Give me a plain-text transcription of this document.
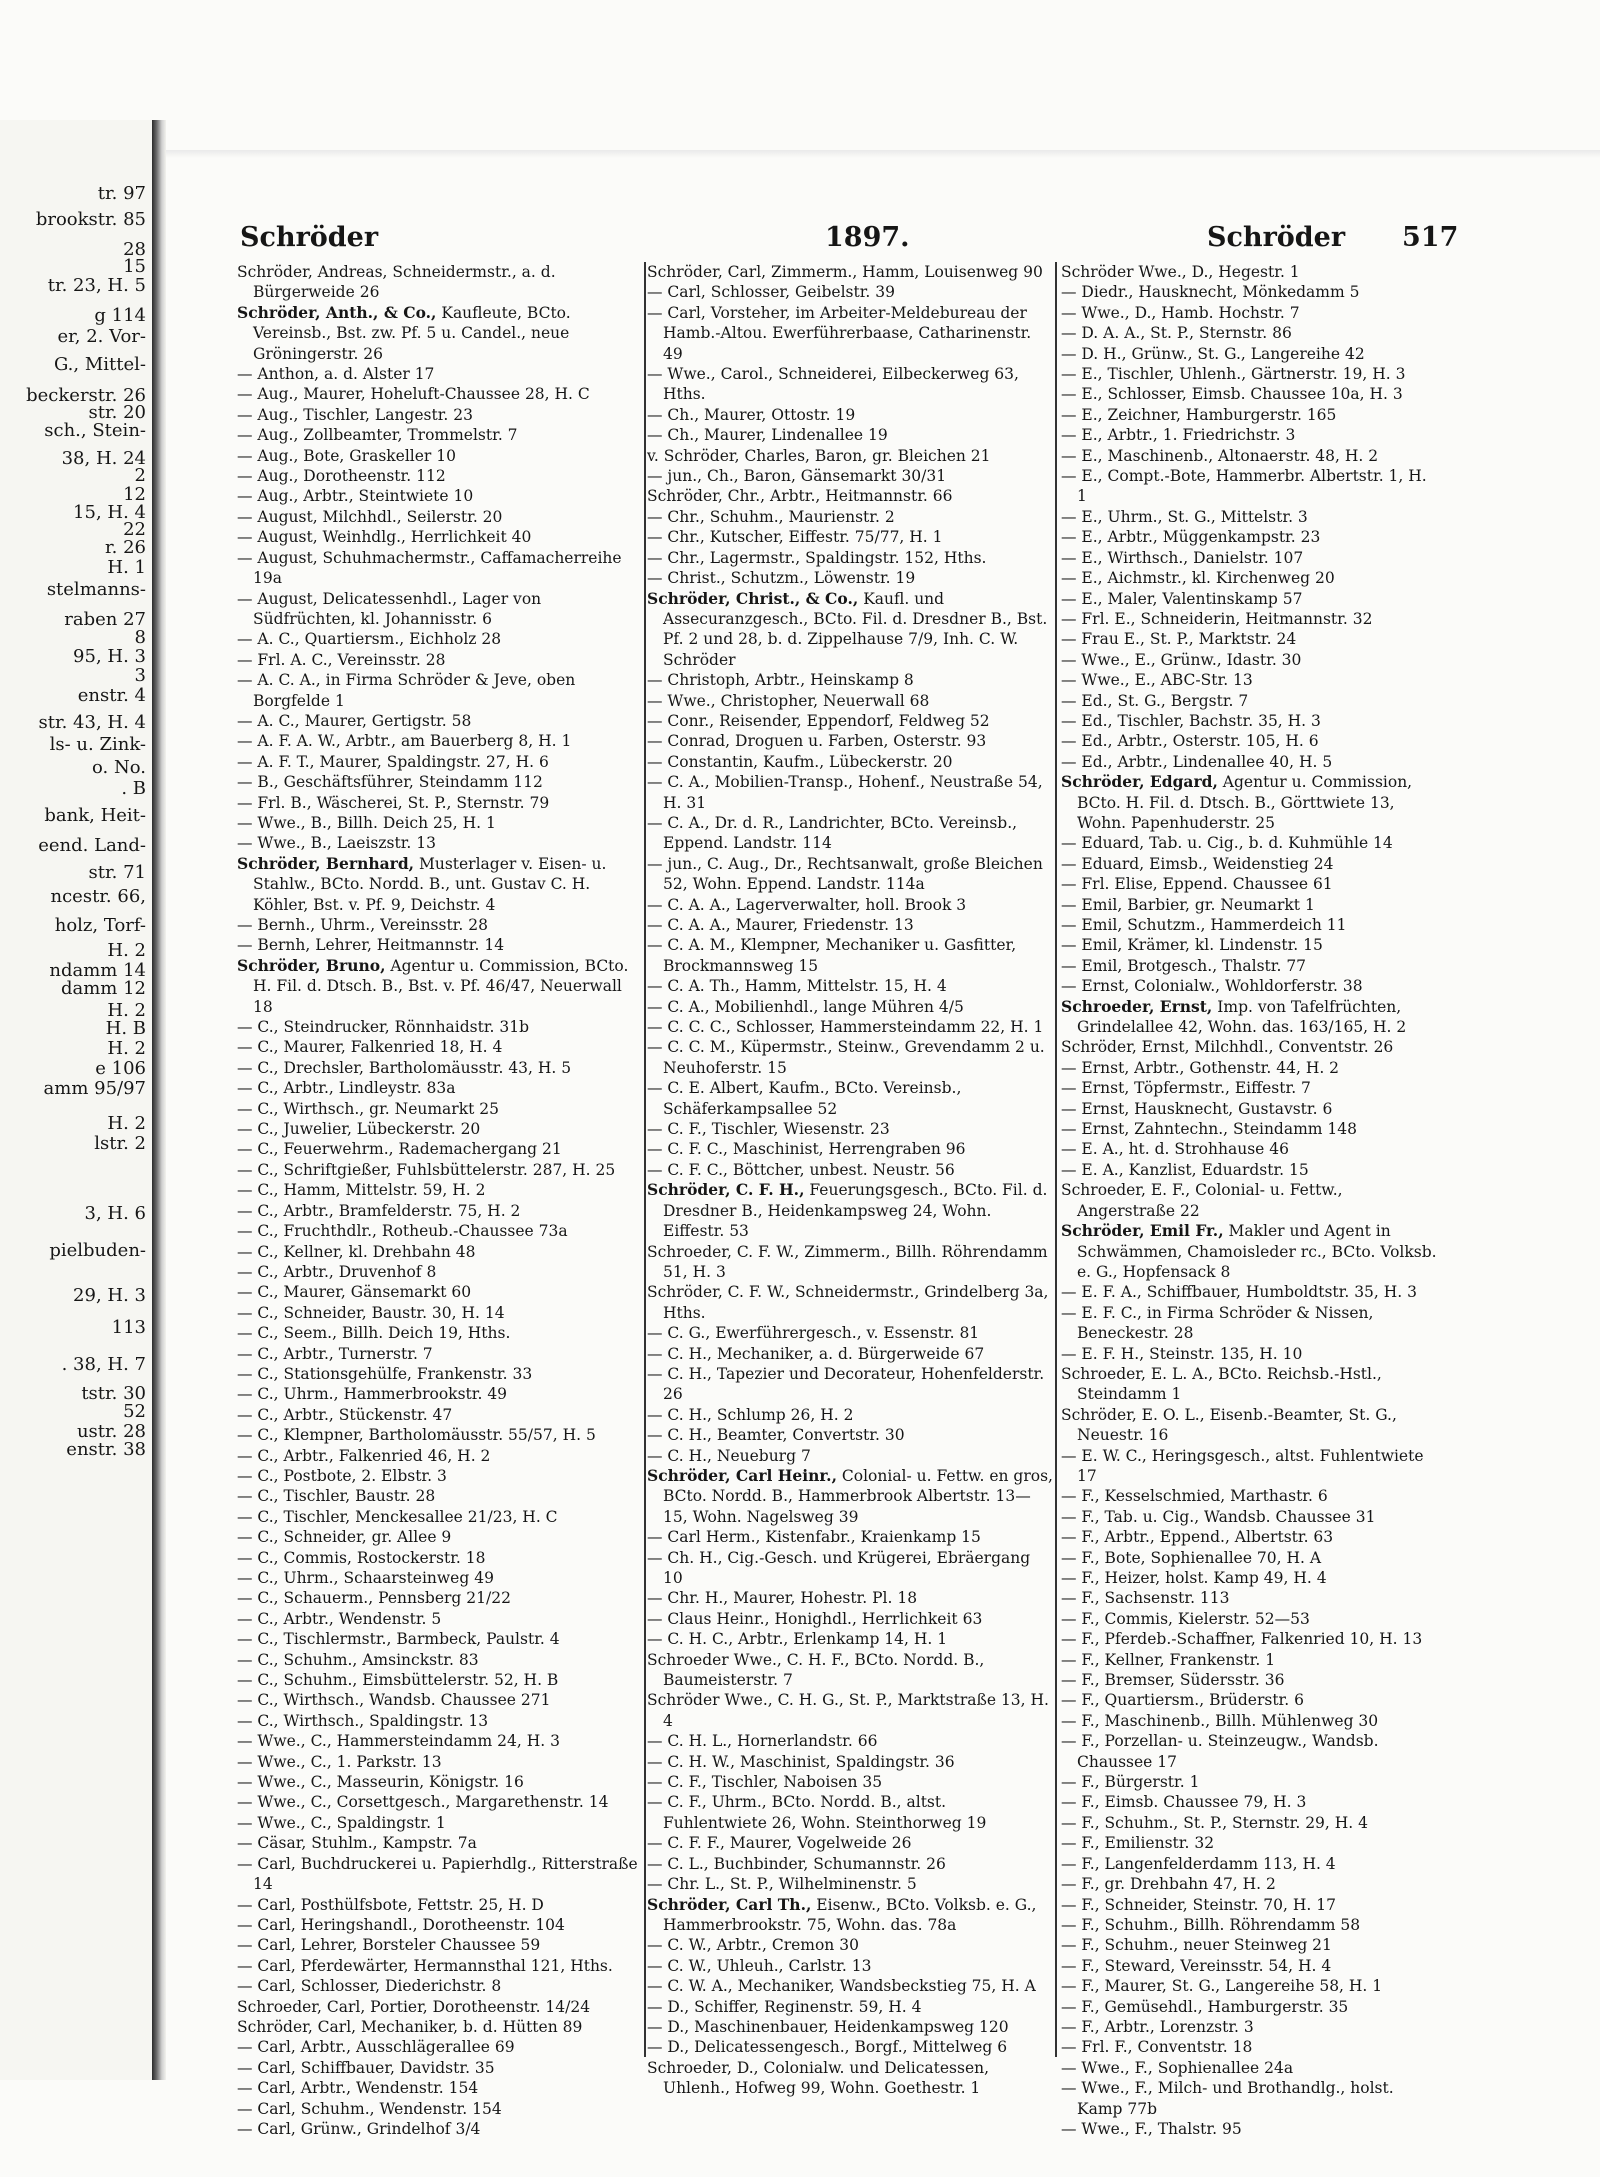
tr. 97
brookstr. 85
28
15
tr. 23, H. 5
g 114
er, 2. Vor-
G., Mittel-
beckerstr. 26
str. 20
sch., Stein-
38, H. 24
2
12
15, H. 4
22
r. 26
H. 1
stelmanns-
raben 27
8
95, H. 3
3
enstr. 4
str. 43, H. 4
ls- u. Zink-
o. No.
. B
bank, Heit-
eend. Land-
str. 71
ncestr. 66,
holz, Torf-
H. 2
ndamm 14
damm 12
H. 2
H. B
H. 2
e 106
amm 95/97
H. 2
lstr. 2
3, H. 6
pielbuden-
29, H. 3
113
. 38, H. 7
tstr. 30
52
ustr. 28
enstr. 38
Schröder	1897.	Schröder 517

Schröder, Andreas, Schneidermstr., a. d. Bürgerweide 26

Schröder, Anth., & Co., Kaufleute, BCto. Vereinsb., Bst. zw. Pf. 5 u. Candel., neue Gröningerstr. 26

— Anthon, a. d. Alster 17

— Aug., Maurer, Hoheluft-Chaussee 28, H. C

— Aug., Tischler, Langestr. 23

— Aug., Zollbeamter, Trommelstr. 7

— Aug., Bote, Graskeller 10

— Aug., Dorotheenstr. 112

— Aug., Arbtr., Steintwiete 10

— August, Milchhdl., Seilerstr. 20

— August, Weinhdlg., Herrlichkeit 40

— August, Schuhmachermstr., Caffamacherreihe 19a

— August, Delicatessenhdl., Lager von Südfrüchten, kl. Johannisstr. 6

— A. C., Quartiersm., Eichholz 28

— Frl. A. C., Vereinsstr. 28

— A. C. A., in Firma Schröder & Jeve, oben Borgfelde 1

— A. C., Maurer, Gertigstr. 58

— A. F. A. W., Arbtr., am Bauerberg 8, H. 1

— A. F. T., Maurer, Spaldingstr. 27, H. 6

— B., Geschäftsführer, Steindamm 112

— Frl. B., Wäscherei, St. P., Sternstr. 79

— Wwe., B., Billh. Deich 25, H. 1

— Wwe., B., Laeiszstr. 13

Schröder, Bernhard, Musterlager v. Eisen- u. Stahlw., BCto. Nordd. B., unt. Gustav C. H. Köhler, Bst. v. Pf. 9, Deichstr. 4

— Bernh., Uhrm., Vereinsstr. 28

— Bernh, Lehrer, Heitmannstr. 14

Schröder, Bruno, Agentur u. Commission, BCto. H. Fil. d. Dtsch. B., Bst. v. Pf. 46/47, Neuerwall 18

— C., Steindrucker, Rönnhaidstr. 31b

— C., Maurer, Falkenried 18, H. 4

— C., Drechsler, Bartholomäusstr. 43, H. 5

— C., Arbtr., Lindleystr. 83a

— C., Wirthsch., gr. Neumarkt 25

— C., Juwelier, Lübeckerstr. 20

— C., Feuerwehrm., Rademachergang 21

— C., Schriftgießer, Fuhlsbüttelerstr. 287, H. 25

— C., Hamm, Mittelstr. 59, H. 2

— C., Arbtr., Bramfelderstr. 75, H. 2

— C., Fruchthdlr., Rotheub.-Chaussee 73a

— C., Kellner, kl. Drehbahn 48

— C., Arbtr., Druvenhof 8

— C., Maurer, Gänsemarkt 60

— C., Schneider, Baustr. 30, H. 14

— C., Seem., Billh. Deich 19, Hths.

— C., Arbtr., Turnerstr. 7

— C., Stationsgehülfe, Frankenstr. 33

— C., Uhrm., Hammerbrookstr. 49

— C., Arbtr., Stückenstr. 47

— C., Klempner, Bartholomäusstr. 55/57, H. 5

— C., Arbtr., Falkenried 46, H. 2

— C., Postbote, 2. Elbstr. 3

— C., Tischler, Baustr. 28

— C., Tischler, Menckesallee 21/23, H. C

— C., Schneider, gr. Allee 9

— C., Commis, Rostockerstr. 18

— C., Uhrm., Schaarsteinweg 49

— C., Schauerm., Pennsberg 21/22

— C., Arbtr., Wendenstr. 5

— C., Tischlermstr., Barmbeck, Paulstr. 4

— C., Schuhm., Amsinckstr. 83

— C., Schuhm., Eimsbüttelerstr. 52, H. B

— C., Wirthsch., Wandsb. Chaussee 271

— C., Wirthsch., Spaldingstr. 13

— Wwe., C., Hammersteindamm 24, H. 3

— Wwe., C., 1. Parkstr. 13

— Wwe., C., Masseurin, Königstr. 16

— Wwe., C., Corsettgesch., Margarethenstr. 14

— Wwe., C., Spaldingstr. 1

— Cäsar, Stuhlm., Kampstr. 7a

— Carl, Buchdruckerei u. Papierhdlg., Ritterstraße 14

— Carl, Posthülfsbote, Fettstr. 25, H. D

— Carl, Heringshandl., Dorotheenstr. 104

— Carl, Lehrer, Borsteler Chaussee 59

— Carl, Pferdewärter, Hermannsthal 121, Hths.

— Carl, Schlosser, Diederichstr. 8

Schroeder, Carl, Portier, Dorotheenstr. 14/24

Schröder, Carl, Mechaniker, b. d. Hütten 89

— Carl, Arbtr., Ausschlägerallee 69

— Carl, Schiffbauer, Davidstr. 35

— Carl, Arbtr., Wendenstr. 154

— Carl, Schuhm., Wendenstr. 154

— Carl, Grünw., Grindelhof 3/4

Schröder, Carl, Zimmerm., Hamm, Louisenweg 90

— Carl, Schlosser, Geibelstr. 39

— Carl, Vorsteher, im Arbeiter-Meldebureau der Hamb.-Altou. Ewerführerbaase, Catharinenstr. 49

— Wwe., Carol., Schneiderei, Eilbeckerweg 63, Hths.

— Ch., Maurer, Ottostr. 19

— Ch., Maurer, Lindenallee 19

v. Schröder, Charles, Baron, gr. Bleichen 21

— jun., Ch., Baron, Gänsemarkt 30/31

Schröder, Chr., Arbtr., Heitmannstr. 66

— Chr., Schuhm., Maurienstr. 2

— Chr., Kutscher, Eiffestr. 75/77, H. 1

— Chr., Lagermstr., Spaldingstr. 152, Hths.

— Christ., Schutzm., Löwenstr. 19

Schröder, Christ., & Co., Kaufl. und Assecuranzgesch., BCto. Fil. d. Dresdner B., Bst. Pf. 2 und 28, b. d. Zippelhause 7/9, Inh. C. W. Schröder

— Christoph, Arbtr., Heinskamp 8

— Wwe., Christopher, Neuerwall 68

— Conr., Reisender, Eppendorf, Feldweg 52

— Conrad, Droguen u. Farben, Osterstr. 93

— Constantin, Kaufm., Lübeckerstr. 20

— C. A., Mobilien-Transp., Hohenf., Neustraße 54, H. 31

— C. A., Dr. d. R., Landrichter, BCto. Vereinsb., Eppend. Landstr. 114

— jun., C. Aug., Dr., Rechtsanwalt, große Bleichen 52, Wohn. Eppend. Landstr. 114a

— C. A. A., Lagerverwalter, holl. Brook 3

— C. A. A., Maurer, Friedenstr. 13

— C. A. M., Klempner, Mechaniker u. Gasfitter, Brockmannsweg 15

— C. A. Th., Hamm, Mittelstr. 15, H. 4

— C. A., Mobilienhdl., lange Mühren 4/5

— C. C. C., Schlosser, Hammersteindamm 22, H. 1

— C. C. M., Küpermstr., Steinw., Grevendamm 2 u. Neuhoferstr. 15

— C. E. Albert, Kaufm., BCto. Vereinsb., Schäferkampsallee 52

— C. F., Tischler, Wiesenstr. 23

— C. F. C., Maschinist, Herrengraben 96

— C. F. C., Böttcher, unbest. Neustr. 56

Schröder, C. F. H., Feuerungsgesch., BCto. Fil. d. Dresdner B., Heidenkampsweg 24, Wohn. Eiffestr. 53

Schroeder, C. F. W., Zimmerm., Billh. Röhrendamm 51, H. 3

Schröder, C. F. W., Schneidermstr., Grindelberg 3a, Hths.

— C. G., Ewerführergesch., v. Essenstr. 81

— C. H., Mechaniker, a. d. Bürgerweide 67

— C. H., Tapezier und Decorateur, Hohenfelderstr. 26

— C. H., Schlump 26, H. 2

— C. H., Beamter, Convertstr. 30

— C. H., Neueburg 7

Schröder, Carl Heinr., Colonial- u. Fettw. en gros, BCto. Nordd. B., Hammerbrook Albertstr. 13—15, Wohn. Nagelsweg 39

— Carl Herm., Kistenfabr., Kraienkamp 15

— Ch. H., Cig.-Gesch. und Krügerei, Ebräergang 10

— Chr. H., Maurer, Hohestr. Pl. 18

— Claus Heinr., Honighdl., Herrlichkeit 63

— C. H. C., Arbtr., Erlenkamp 14, H. 1

Schroeder Wwe., C. H. F., BCto. Nordd. B., Baumeisterstr. 7

Schröder Wwe., C. H. G., St. P., Marktstraße 13, H. 4

— C. H. L., Hornerlandstr. 66

— C. H. W., Maschinist, Spaldingstr. 36

— C. F., Tischler, Naboisen 35

— C. F., Uhrm., BCto. Nordd. B., altst. Fuhlentwiete 26, Wohn. Steinthorweg 19

— C. F. F., Maurer, Vogelweide 26

— C. L., Buchbinder, Schumannstr. 26

— Chr. L., St. P., Wilhelminenstr. 5

Schröder, Carl Th., Eisenw., BCto. Volksb. e. G., Hammerbrookstr. 75, Wohn. das. 78a

— C. W., Arbtr., Cremon 30

— C. W., Uhleuh., Carlstr. 13

— C. W. A., Mechaniker, Wandsbeckstieg 75, H. A

— D., Schiffer, Reginenstr. 59, H. 4

— D., Maschinenbauer, Heidenkampsweg 120

— D., Delicatessengesch., Borgf., Mittelweg 6

Schroeder, D., Colonialw. und Delicatessen, Uhlenh., Hofweg 99, Wohn. Goethestr. 1

Schröder Wwe., D., Hegestr. 1

— Diedr., Hausknecht, Mönkedamm 5

— Wwe., D., Hamb. Hochstr. 7

— D. A. A., St. P., Sternstr. 86

— D. H., Grünw., St. G., Langereihe 42

— E., Tischler, Uhlenh., Gärtnerstr. 19, H. 3

— E., Schlosser, Eimsb. Chaussee 10a, H. 3

— E., Zeichner, Hamburgerstr. 165

— E., Arbtr., 1. Friedrichstr. 3

— E., Maschinenb., Altonaerstr. 48, H. 2

— E., Compt.-Bote, Hammerbr. Albertstr. 1, H. 1

— E., Uhrm., St. G., Mittelstr. 3

— E., Arbtr., Müggenkampstr. 23

— E., Wirthsch., Danielstr. 107

— E., Aichmstr., kl. Kirchenweg 20

— E., Maler, Valentinskamp 57

— Frl. E., Schneiderin, Heitmannstr. 32

— Frau E., St. P., Marktstr. 24

— Wwe., E., Grünw., Idastr. 30

— Wwe., E., ABC-Str. 13

— Ed., St. G., Bergstr. 7

— Ed., Tischler, Bachstr. 35, H. 3

— Ed., Arbtr., Osterstr. 105, H. 6

— Ed., Arbtr., Lindenallee 40, H. 5

Schröder, Edgard, Agentur u. Commission, BCto. H. Fil. d. Dtsch. B., Görttwiete 13, Wohn. Papenhuderstr. 25

— Eduard, Tab. u. Cig., b. d. Kuhmühle 14

— Eduard, Eimsb., Weidenstieg 24

— Frl. Elise, Eppend. Chaussee 61

— Emil, Barbier, gr. Neumarkt 1

— Emil, Schutzm., Hammerdeich 11

— Emil, Krämer, kl. Lindenstr. 15

— Emil, Brotgesch., Thalstr. 77

— Ernst, Colonialw., Wohldorferstr. 38

Schroeder, Ernst, Imp. von Tafelfrüchten, Grindelallee 42, Wohn. das. 163/165, H. 2

Schröder, Ernst, Milchhdl., Conventstr. 26

— Ernst, Arbtr., Gothenstr. 44, H. 2

— Ernst, Töpfermstr., Eiffestr. 7

— Ernst, Hausknecht, Gustavstr. 6

— Ernst, Zahntechn., Steindamm 148

— E. A., ht. d. Strohhause 46

— E. A., Kanzlist, Eduardstr. 15

Schroeder, E. F., Colonial- u. Fettw., Angerstraße 22

Schröder, Emil Fr., Makler und Agent in Schwämmen, Chamoisleder rc., BCto. Volksb. e. G., Hopfensack 8

— E. F. A., Schiffbauer, Humboldtstr. 35, H. 3

— E. F. C., in Firma Schröder & Nissen, Beneckestr. 28

— E. F. H., Steinstr. 135, H. 10

Schroeder, E. L. A., BCto. Reichsb.-Hstl., Steindamm 1

Schröder, E. O. L., Eisenb.-Beamter, St. G., Neuestr. 16

— E. W. C., Heringsgesch., altst. Fuhlentwiete 17

— F., Kesselschmied, Marthastr. 6

— F., Tab. u. Cig., Wandsb. Chaussee 31

— F., Arbtr., Eppend., Albertstr. 63

— F., Bote, Sophienallee 70, H. A

— F., Heizer, holst. Kamp 49, H. 4

— F., Sachsenstr. 113

— F., Commis, Kielerstr. 52—53

— F., Pferdeb.-Schaffner, Falkenried 10, H. 13

— F., Kellner, Frankenstr. 1

— F., Bremser, Südersstr. 36

— F., Quartiersm., Brüderstr. 6

— F., Maschinenb., Billh. Mühlenweg 30

— F., Porzellan- u. Steinzeugw., Wandsb. Chaussee 17

— F., Bürgerstr. 1

— F., Eimsb. Chaussee 79, H. 3

— F., Schuhm., St. P., Sternstr. 29, H. 4

— F., Emilienstr. 32

— F., Langenfelderdamm 113, H. 4

— F., gr. Drehbahn 47, H. 2

— F., Schneider, Steinstr. 70, H. 17

— F., Schuhm., Billh. Röhrendamm 58

— F., Schuhm., neuer Steinweg 21

— F., Steward, Vereinsstr. 54, H. 4

— F., Maurer, St. G., Langereihe 58, H. 1

— F., Gemüsehdl., Hamburgerstr. 35

— F., Arbtr., Lorenzstr. 3

— Frl. F., Conventstr. 18

— Wwe., F., Sophienallee 24a

— Wwe., F., Milch- und Brothandlg., holst. Kamp 77b

— Wwe., F., Thalstr. 95
